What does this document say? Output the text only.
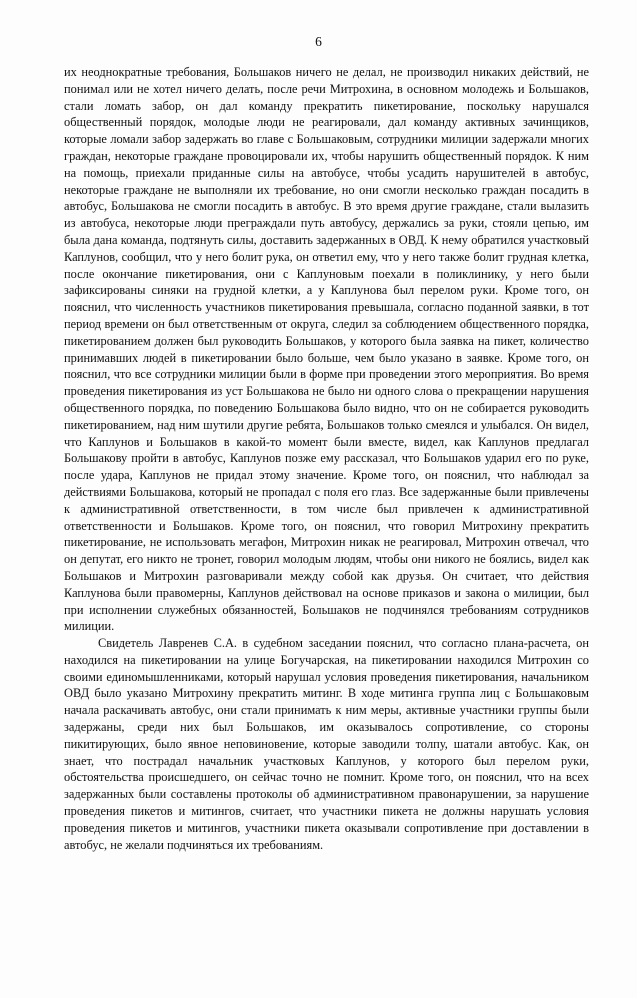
6

их неоднократные требования, Большаков ничего не делал, не производил никаких действий, не понимал или не хотел ничего делать, после речи Митрохина, в основном молодежь и Большаков, стали ломать забор, он дал команду прекратить пикетирование, поскольку нарушался общественный порядок, молодые люди не реагировали, дал команду активных зачинщиков, которые ломали забор задержать во главе с Большаковым, сотрудники милиции задержали многих граждан, некоторые граждане провоцировали их, чтобы нарушить общественный порядок. К ним на помощь, приехали приданные силы на автобусе, чтобы усадить нарушителей в автобус, некоторые граждане не выполняли их требование, но они смогли несколько граждан посадить в автобус, Большакова не смогли посадить в автобус. В это время другие граждане, стали вылазить из автобуса, некоторые люди преграждали путь автобусу, держались за руки, стояли цепью, им была дана команда, подтянуть силы, доставить задержанных в ОВД. К нему обратился участковый Каплунов, сообщил, что у него болит рука, он ответил ему, что у него также болит грудная клетка, после окончание пикетирования, они с Каплуновым поехали в поликлинику, у него были зафиксированы синяки на грудной клетки, а у Каплунова был перелом руки. Кроме того, он пояснил, что численность участников пикетирования превышала, согласно поданной заявки, в тот период времени он был ответственным от округа, следил за соблюдением общественного порядка, пикетированием должен был руководить Большаков, у которого была заявка на пикет, количество принимавших людей в пикетировании было больше, чем было указано в заявке. Кроме того, он пояснил, что все сотрудники милиции были в форме при проведении этого мероприятия. Во время проведения пикетирования из уст Большакова не было ни одного слова о прекращении нарушения общественного порядка, по поведению Большакова было видно, что он не собирается руководить пикетированием, над ним шутили другие ребята, Большаков только смеялся и улыбался. Он видел, что Каплунов и Большаков в какой-то момент были вместе, видел, как Каплунов предлагал Большакову пройти в автобус, Каплунов позже ему рассказал, что Большаков ударил его по руке, после удара, Каплунов не придал этому значение. Кроме того, он пояснил, что наблюдал за действиями Большакова, который не пропадал с поля его глаз. Все задержанные были привлечены к административной ответственности, в том числе был привлечен к административной ответственности и Большаков. Кроме того, он пояснил, что говорил Митрохину прекратить пикетирование, не использовать мегафон, Митрохин никак не реагировал, Митрохин отвечал, что он депутат, его никто не тронет, говорил молодым людям, чтобы они никого не боялись, видел как Большаков и Митрохин разговаривали между собой как друзья. Он считает, что действия Каплунова были правомерны, Каплунов действовал на основе приказов и закона о милиции, был при исполнении служебных обязанностей, Большаков не подчинялся требованиям сотрудников милиции.

Свидетель Лавренев С.А. в судебном заседании пояснил, что согласно плана-расчета, он находился на пикетировании на улице Богучарская, на пикетировании находился Митрохин со своими единомышленниками, который нарушал условия проведения пикетирования, начальником ОВД было указано Митрохину прекратить митинг. В ходе митинга группа лиц с Большаковым начала раскачивать автобус, они стали принимать к ним меры, активные участники группы были задержаны, среди них был Большаков, им оказывалось сопротивление, со стороны пикитирующих, было явное неповиновение, которые заводили толпу, шатали автобус. Как, он знает, что пострадал начальник участковых Каплунов, у которого был перелом руки, обстоятельства происшедшего, он сейчас точно не помнит. Кроме того, он пояснил, что на всех задержанных были составлены протоколы об административном правонарушении, за нарушение проведения пикетов и митингов, считает, что участники пикета не должны нарушать условия проведения пикетов и митингов, участники пикета оказывали сопротивление при доставлении в автобус, не желали подчиняться их требованиям.
